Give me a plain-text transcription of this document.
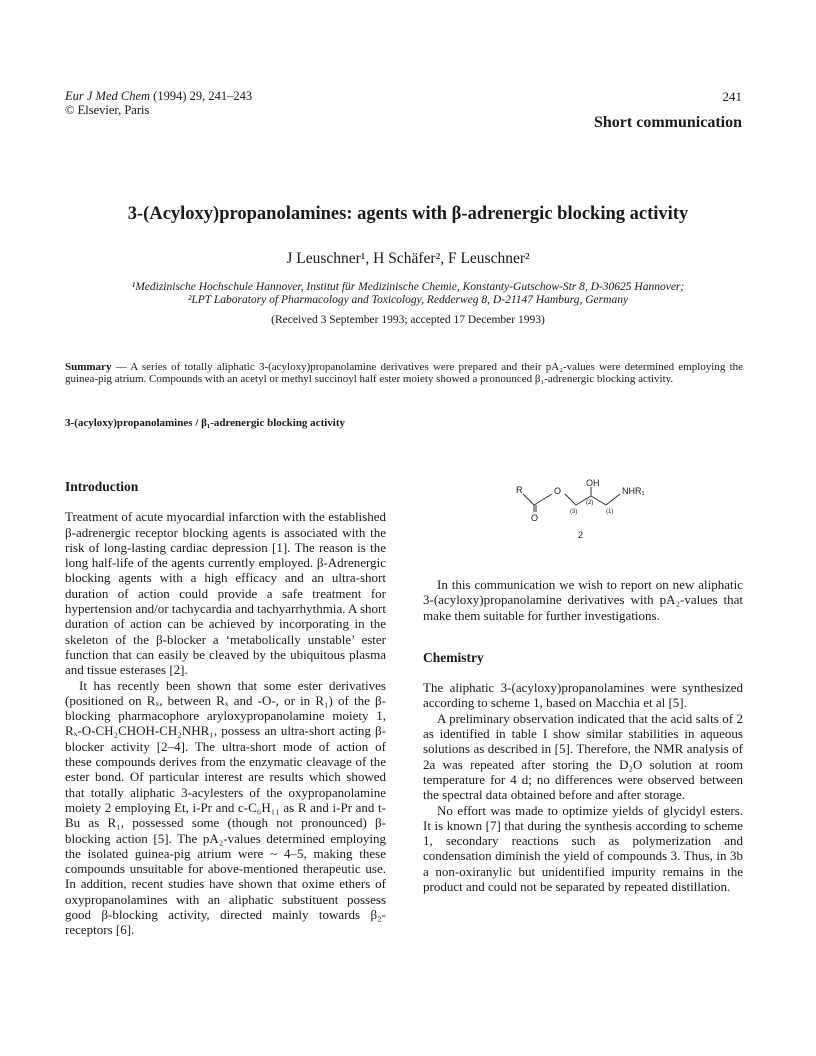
Eur J Med Chem (1994) 29, 241–243
© Elsevier, Paris
241
Short communication
3-(Acyloxy)propanolamines: agents with β-adrenergic blocking activity
J Leuschner¹, H Schäfer², F Leuschner²
¹Medizinische Hochschule Hannover, Institut für Medizinische Chemie, Konstanty-Gutschow-Str 8, D-30625 Hannover;
²LPT Laboratory of Pharmacology and Toxicology, Redderweg 8, D-21147 Hamburg, Germany
(Received 3 September 1993; accepted 17 December 1993)
Summary — A series of totally aliphatic 3-(acyloxy)propanolamine derivatives were prepared and their pA₂-values were determined employing the guinea-pig atrium. Compounds with an acetyl or methyl succinoyl half ester moiety showed a pronounced β₁-adrenergic blocking activity.
3-(acyloxy)propanolamines / β₁-adrenergic blocking activity
Introduction

Treatment of acute myocardial infarction with the established β-adrenergic receptor blocking agents is associated with the risk of long-lasting cardiac depression [1]. The reason is the long half-life of the agents currently employed. β-Adrenergic blocking agents with a high efficacy and an ultra-short duration of action could provide a safe treatment for hypertension and/or tachycardia and tachyarrhythmia. A short duration of action can be achieved by incorporating in the skeleton of the β-blocker a ‘metabolically unstable’ ester function that can easily be cleaved by the ubiquitous plasma and tissue esterases [2].

It has recently been shown that some ester derivatives (positioned on Rₓ, between Rₓ and -O-, or in R₁) of the β-blocking pharmacophore aryloxypropanolamine moiety 1, Rₓ-O-CH₂CHOH-CH₂NHR₁, possess an ultra-short acting β-blocker activity [2–4]. The ultra-short mode of action of these compounds derives from the enzymatic cleavage of the ester bond. Of particular interest are results which showed that totally aliphatic 3-acylesters of the oxypropanolamine moiety 2 employing Et, i-Pr and c-C₆H₁₁ as R and i-Pr and t-Bu as R₁, possessed some (though not pronounced) β-blocking action [5]. The pA₂-values determined employing the isolated guinea-pig atrium were ~ 4–5, making these compounds unsuitable for above-mentioned therapeutic use. In addition, recent studies have shown that oxime ethers of oxypropanolamines with an aliphatic substituent possess good β-blocking activity, directed mainly towards β₂-receptors [6].

R	O
OH
NHR₁
O
(3)
(2)
(1)
2

In this communication we wish to report on new aliphatic 3-(acyloxy)propanolamine derivatives with pA₂-values that make them suitable for further investigations.

Chemistry

The aliphatic 3-(acyloxy)propanolamines were synthesized according to scheme 1, based on Macchia et al [5].

A preliminary observation indicated that the acid salts of 2 as identified in table I show similar stabilities in aqueous solutions as described in [5]. Therefore, the NMR analysis of 2a was repeated after storing the D₂O solution at room temperature for 4 d; no differences were observed between the spectral data obtained before and after storage.

No effort was made to optimize yields of glycidyl esters. It is known [7] that during the synthesis according to scheme 1, secondary reactions such as polymerization and condensation diminish the yield of compounds 3. Thus, in 3b a non-oxiranylic but unidentified impurity remains in the product and could not be separated by repeated distillation.
